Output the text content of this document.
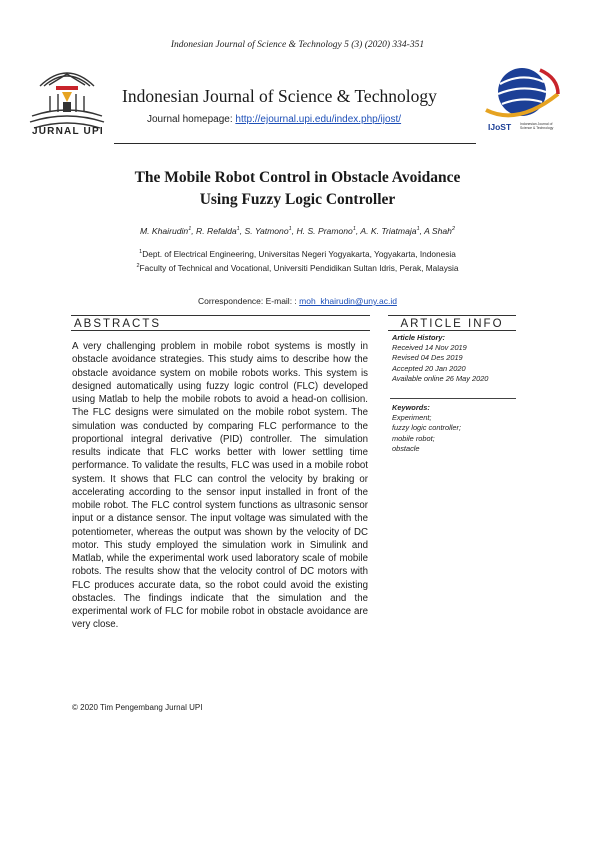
Indonesian Journal of Science & Technology 5 (3) (2020) 334-351
JURNAL UPI
Indonesian Journal of Science & Technology
Journal homepage: http://ejournal.upi.edu/index.php/ijost/
IJoST	Indonesian Journal of
Science & Technology
The Mobile Robot Control in Obstacle Avoidance
Using Fuzzy Logic Controller
M. Khairudin$^1$, R. Refalda$^1$, S. Yatmono$^1$, H. S. Pramono$^1$, A. K. Triatmaja$^1$, A Shah$^2$
$^1$Dept. of Electrical Engineering, Universitas Negeri Yogyakarta, Yogyakarta, Indonesia
$^2$Faculty of Technical and Vocational, Universiti Pendidikan Sultan Idris, Perak, Malaysia
Correspondence: E-mail: : moh_khairudin@uny.ac.id
ABSTRACTS	ARTICLE INFO
A very challenging problem in mobile robot systems is mostly in obstacle avoidance strategies. This study aims to describe how the obstacle avoidance system on mobile robots works. This system is designed automatically using fuzzy logic control (FLC) developed using Matlab to help the mobile robots to avoid a head-on collision. The FLC designs were simulated on the mobile robot system. The simulation was conducted by comparing FLC performance to the proportional integral derivative (PID) controller. The simulation results indicate that FLC works better with lower settling time performance. To validate the results, FLC was used in a mobile robot system. It shows that FLC can control the velocity by braking or accelerating according to the sensor input installed in front of the mobile robot. The FLC control system functions as ultrasonic sensor input or a distance sensor. The input voltage was simulated with the potentiometer, whereas the output was shown by the velocity of DC motor. This study employed the simulation work in Simulink and Matlab, while the experimental work used laboratory scale of mobile robots. The results show that the velocity control of DC motors with FLC produces accurate data, so the robot could avoid the existing obstacles. The findings indicate that the simulation and the experimental work of FLC for mobile robot in obstacle avoidance are very close.
© 2020 Tim Pengembang Jurnal UPI
Article History:
Received 14 Nov 2019
Revised 04 Des 2019
Accepted 20 Jan 2020
Available online 26 May 2020
Keywords:
Experiment;
fuzzy logic controller;
mobile robot;
obstacle
